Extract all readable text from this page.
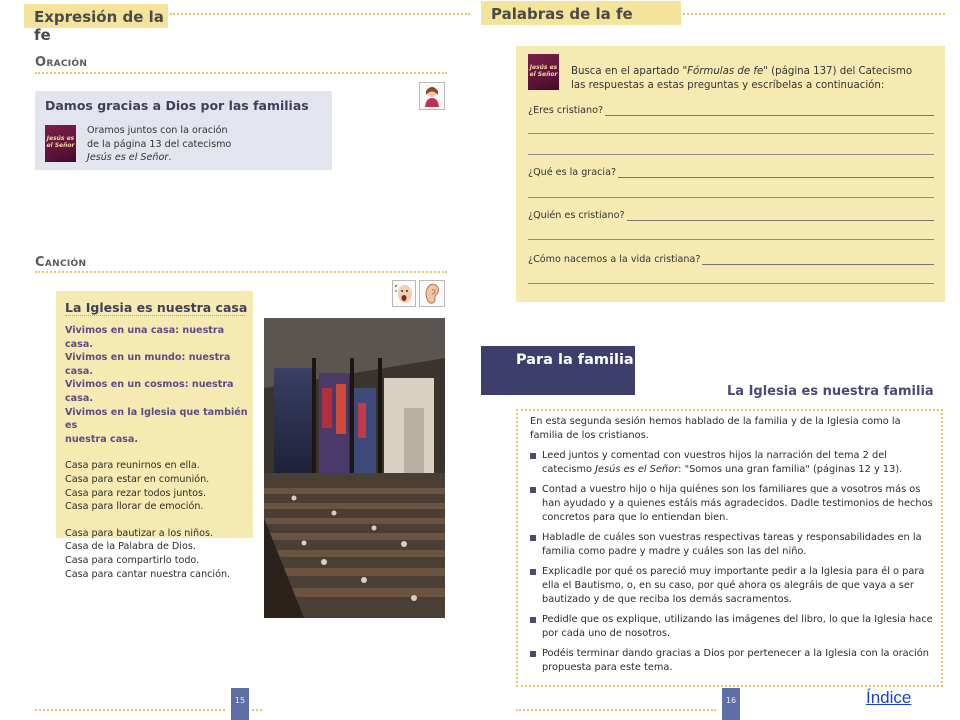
Expresión de la fe
Oración
Damos gracias a Dios por las familias
Jesús es el Señor
Oramos juntos con la oración
de la página 13 del catecismo
Jesús es el Señor.
Canción
La Iglesia es nuestra casa

Vivimos en una casa: nuestra casa.

Vivimos en un mundo: nuestra casa.

Vivimos en un cosmos: nuestra casa.

Vivimos en la Iglesia que también es

nuestra casa.

Casa para reunirnos en ella.

Casa para estar en comunión.

Casa para rezar todos juntos.

Casa para llorar de emoción.

Casa para bautizar a los niños.

Casa de la Palabra de Dios.

Casa para compartirlo todo.

Casa para cantar nuestra canción.

15
Palabras de la fe
Jesús es el Señor Busca en el apartado "Fórmulas de fe" (página 137) del Catecismo
las respuestas a estas preguntas y escríbelas a continuación:
¿Eres cristiano?
¿Qué es la gracia?
¿Quién es cristiano?
¿Cómo nacemos a la vida cristiana?
Para la familia
La Iglesia es nuestra familia

En esta segunda sesión hemos hablado de la familia y de la Iglesia como la familia de los cristianos.

Leed juntos y comentad con vuestros hijos la narración del tema 2 del catecismo Jesús es el Señor: "Somos una gran familia" (páginas 12 y 13).
Contad a vuestro hijo o hija quiénes son los familiares que a vosotros más os han ayudado y a quienes estáis más agradecidos. Dadle testimonios de hechos concretos para que lo entiendan bien.
Habladle de cuáles son vuestras respectivas tareas y responsabilidades en la familia como padre y madre y cuáles son las del niño.
Explicadle por qué os pareció muy importante pedir a la Iglesia para él o para ella el Bautismo, o, en su caso, por qué ahora os alegráis de que vaya a ser bautizado y de que reciba los demás sacramentos.
Pedidle que os explique, utilizando las imágenes del libro, lo que la Iglesia hace por cada uno de nosotros.
Podéis terminar dando gracias a Dios por pertenecer a la Iglesia con la oración propuesta para este tema.
16	Índice
